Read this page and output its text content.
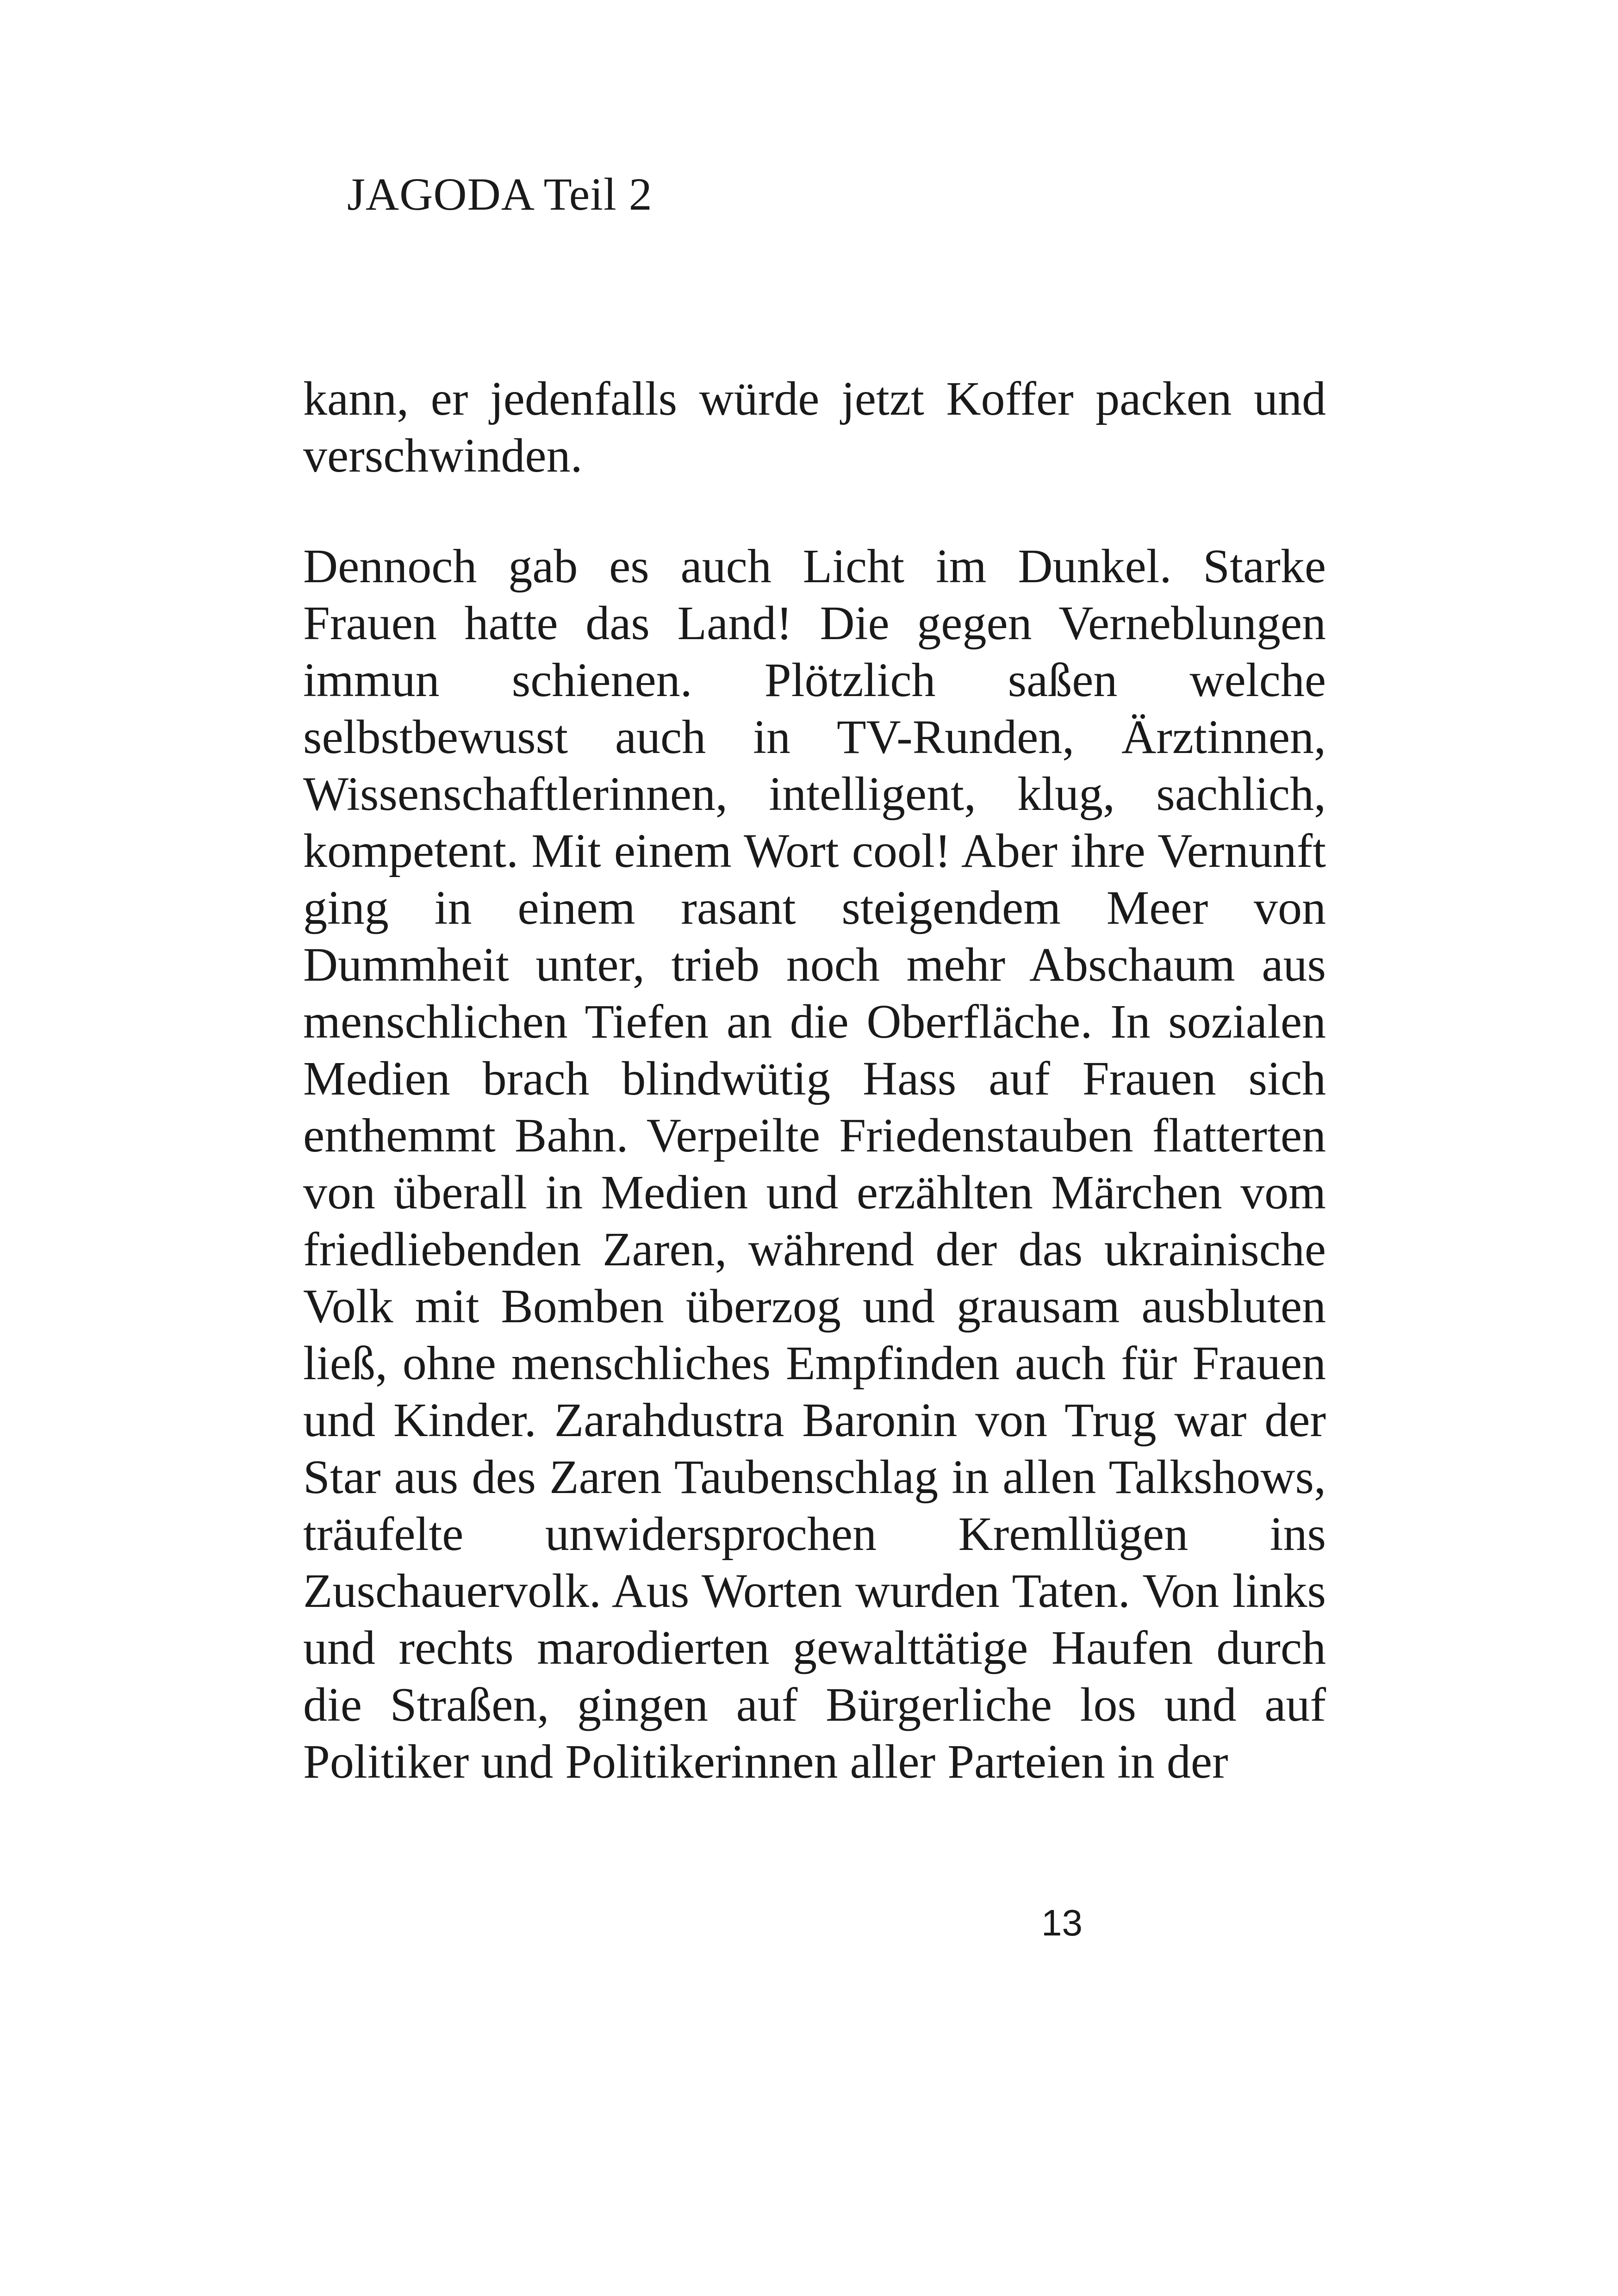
JAGODA Teil 2

kann, er jedenfalls würde jetzt Koffer packen und verschwinden.

Dennoch gab es auch Licht im Dunkel. Starke Frauen hatte das Land! Die gegen Verneblungen immun schienen. Plötzlich saßen welche selbstbewusst auch in TV-Runden, Ärztinnen, Wissenschaftlerinnen, intelligent, klug, sachlich, kompetent. Mit einem Wort cool! Aber ihre Vernunft ging in einem rasant steigendem Meer von Dummheit unter, trieb noch mehr Abschaum aus menschlichen Tiefen an die Oberfläche. In sozialen Medien brach blindwütig Hass auf Frauen sich enthemmt Bahn. Verpeilte Friedenstauben flatterten von überall in Medien und erzählten Märchen vom friedliebenden Zaren, während der das ukrainische Volk mit Bomben überzog und grausam ausbluten ließ, ohne menschliches Empfinden auch für Frauen und Kinder. Zarahdustra Baronin von Trug war der Star aus des Zaren Taubenschlag in allen Talkshows, träufelte unwidersprochen Kremllügen ins Zuschauervolk. Aus Worten wurden Taten. Von links und rechts marodierten gewalttätige Haufen durch die Straßen, gingen auf Bürgerliche los und auf Politiker und Politikerinnen aller Parteien in der

13
